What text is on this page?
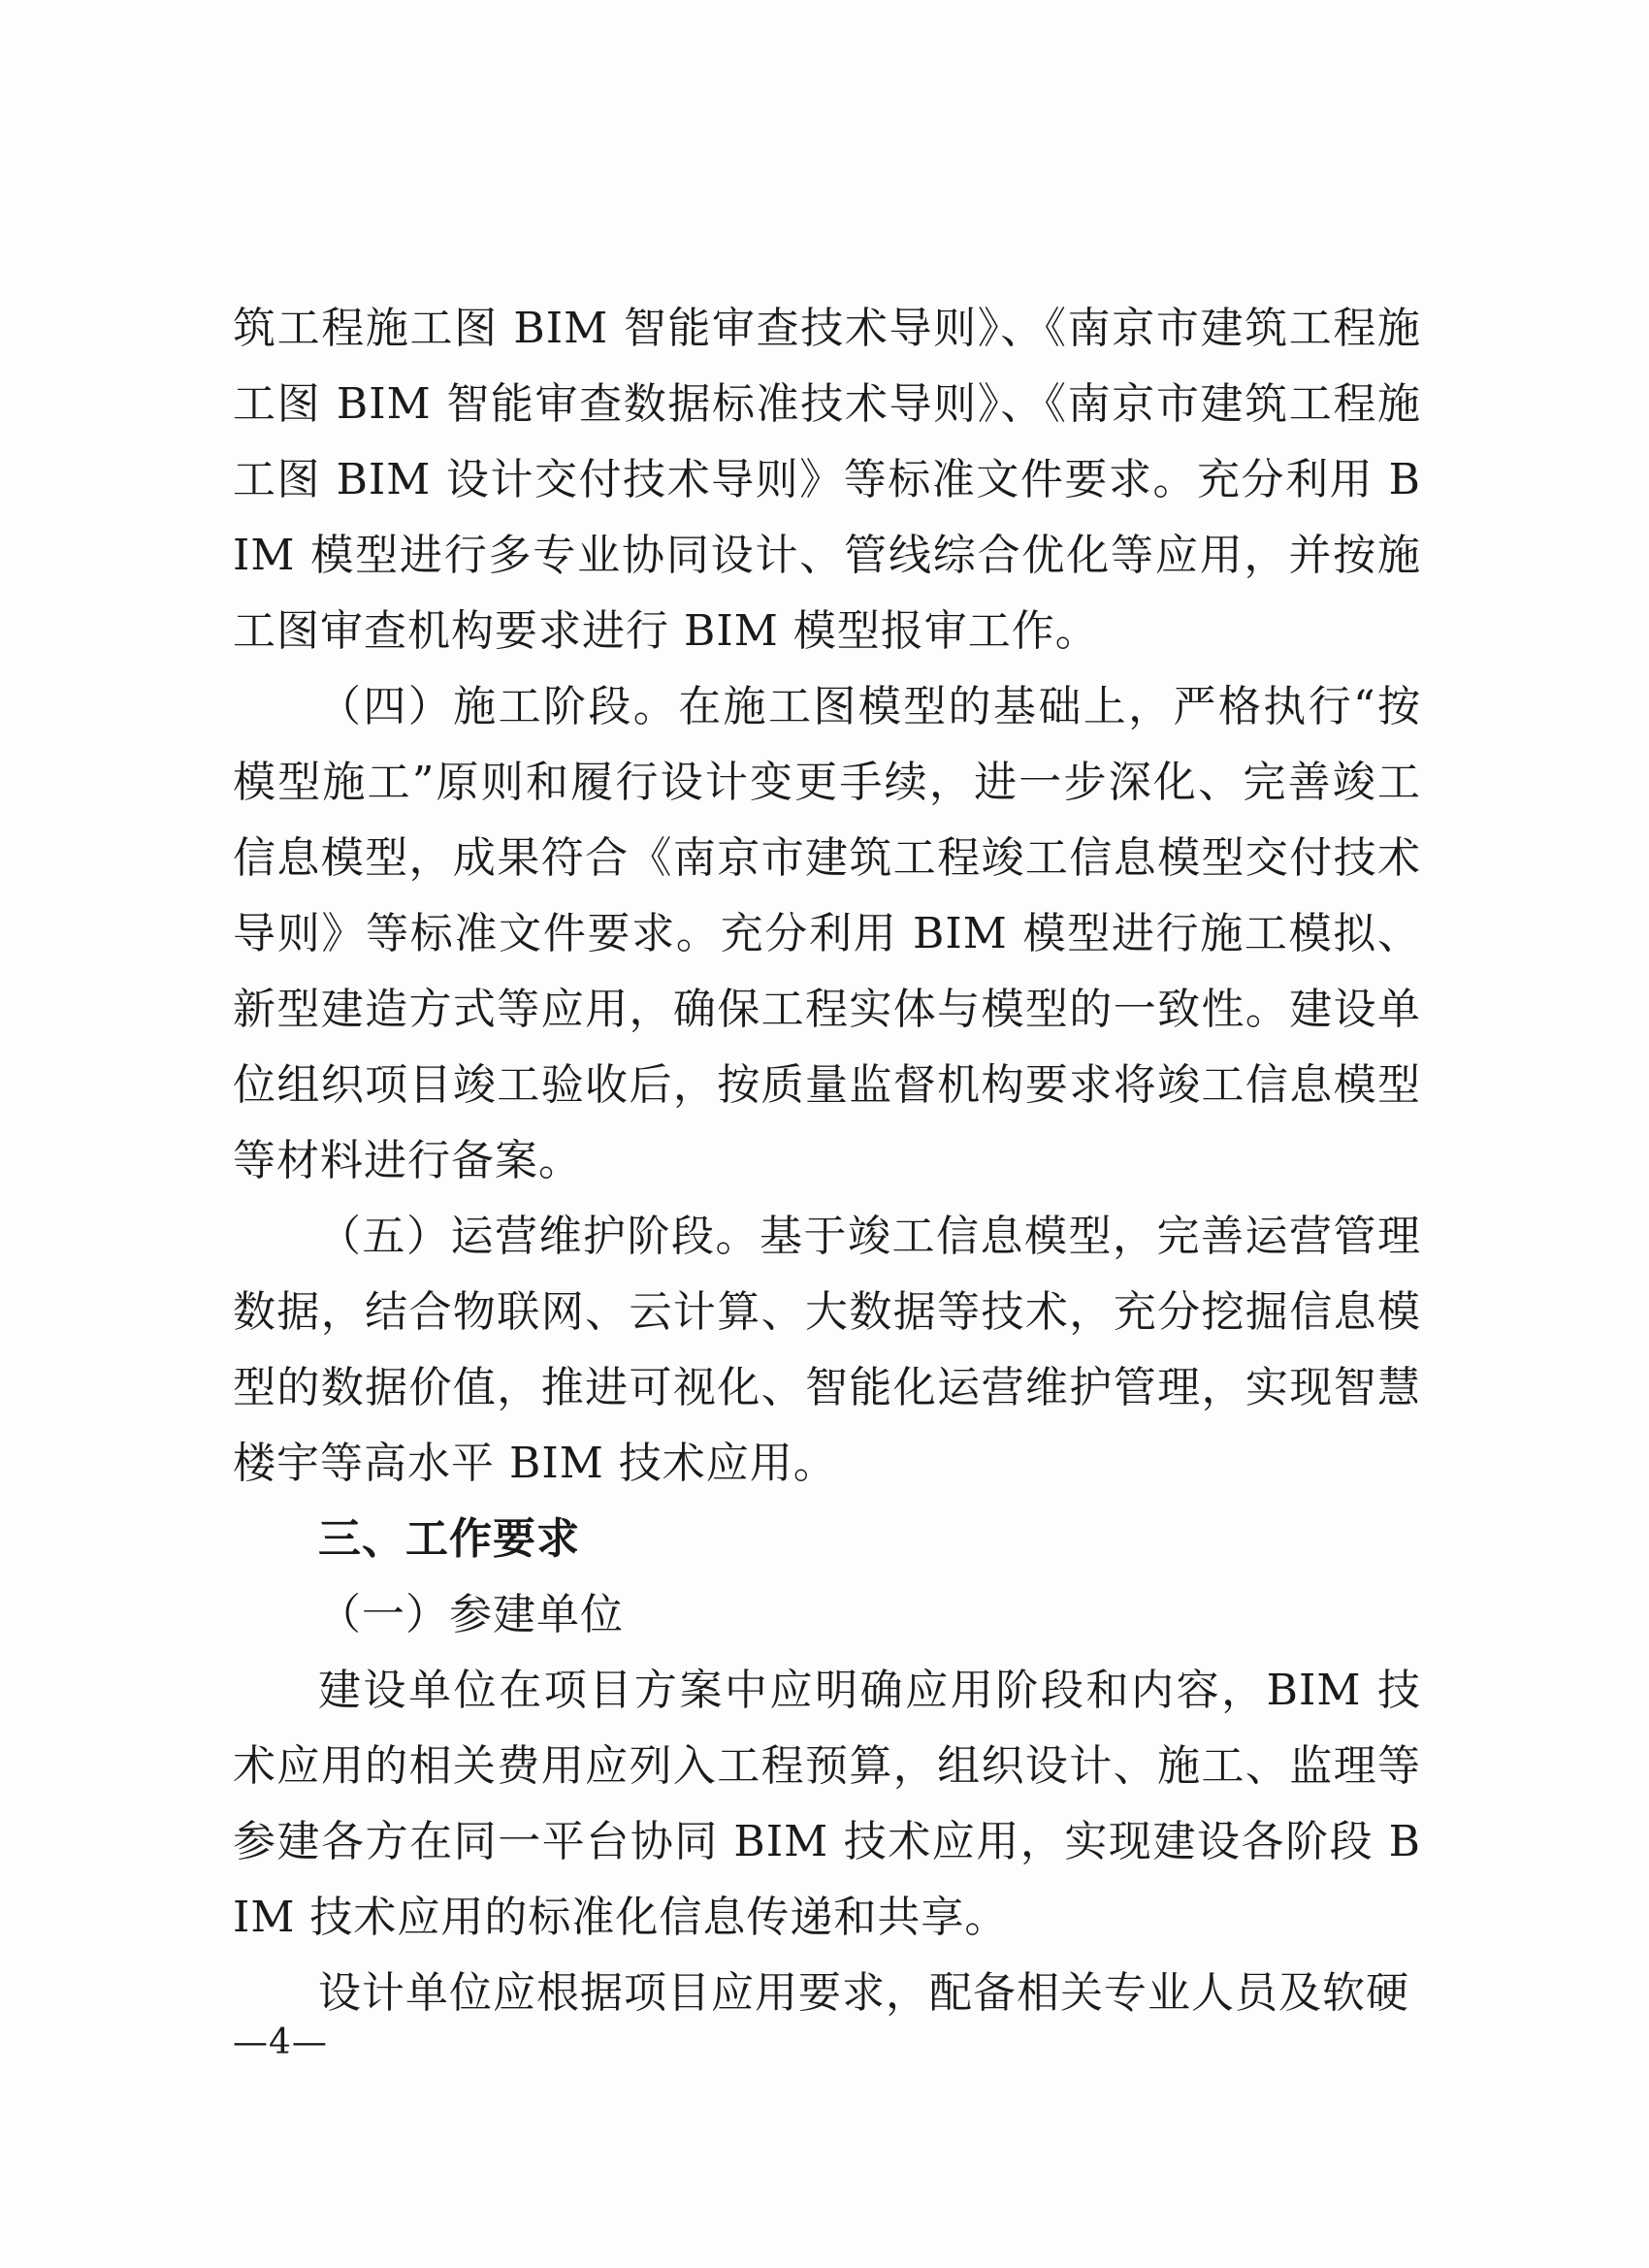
筑工程施工图 BIM 智能审查技术导则》、《南京市建筑工程施工图 BIM 智能审查数据标准技术导则》、《南京市建筑工程施工图 BIM 设计交付技术导则》等标准文件要求。充分利用 BIM 模型进行多专业协同设计、管线综合优化等应用，并按施工图审查机构要求进行 BIM 模型报审工作。

（四）施工阶段。在施工图模型的基础上，严格执行“按模型施工”原则和履行设计变更手续，进一步深化、完善竣工信息模型，成果符合《南京市建筑工程竣工信息模型交付技术导则》等标准文件要求。充分利用 BIM 模型进行施工模拟、新型建造方式等应用，确保工程实体与模型的一致性。建设单位组织项目竣工验收后，按质量监督机构要求将竣工信息模型等材料进行备案。

（五）运营维护阶段。基于竣工信息模型，完善运营管理数据，结合物联网、云计算、大数据等技术，充分挖掘信息模型的数据价值，推进可视化、智能化运营维护管理，实现智慧楼宇等高水平 BIM 技术应用。

三、工作要求

（一）参建单位

建设单位在项目方案中应明确应用阶段和内容，BIM 技术应用的相关费用应列入工程预算，组织设计、施工、监理等参建各方在同一平台协同 BIM 技术应用，实现建设各阶段 BIM 技术应用的标准化信息传递和共享。

设计单位应根据项目应用要求，配备相关专业人员及软硬

—4—
